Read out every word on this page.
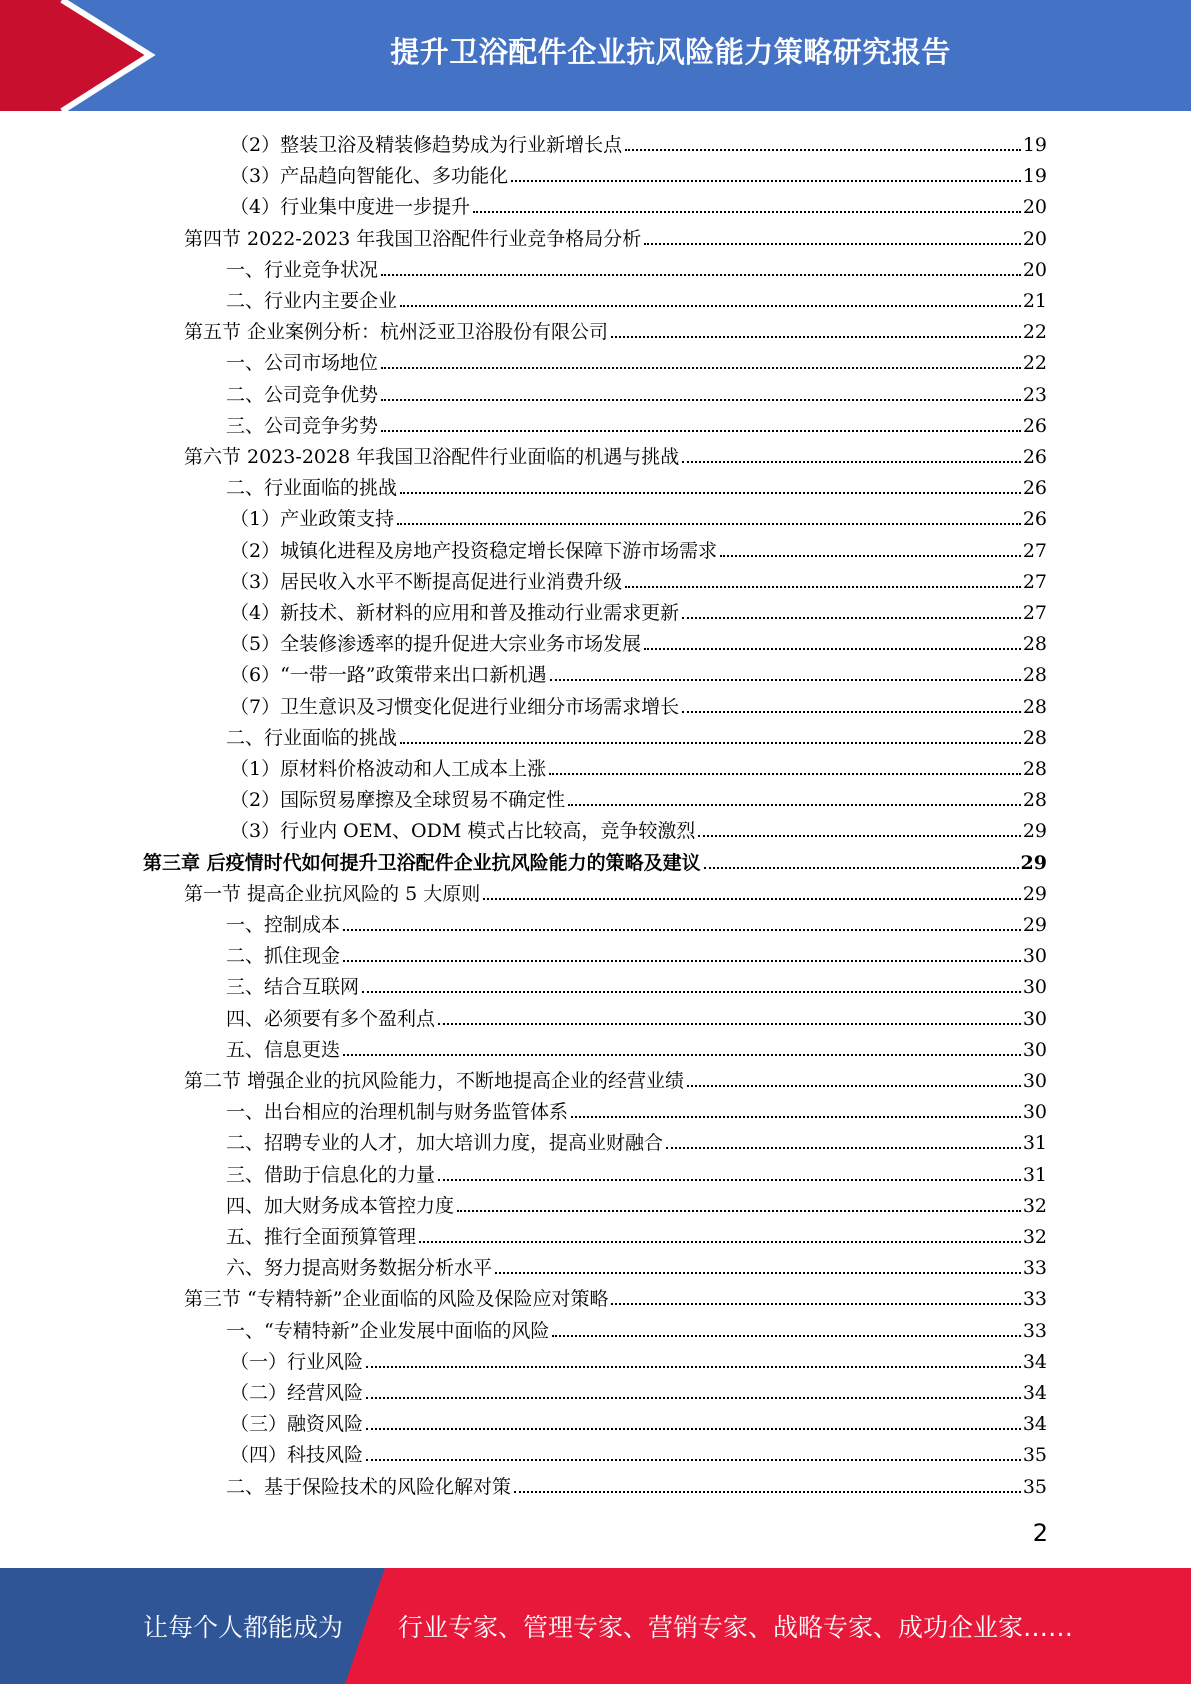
提升卫浴配件企业抗风险能力策略研究报告
（2）整装卫浴及精装修趋势成为行业新增长点	19
（3）产品趋向智能化、多功能化	19
（4）行业集中度进一步提升	20
第四节 2022-2023 年我国卫浴配件行业竞争格局分析	20
一、行业竞争状况	20
二、行业内主要企业	21
第五节 企业案例分析：杭州泛亚卫浴股份有限公司	22
一、公司市场地位	22
二、公司竞争优势	23
三、公司竞争劣势	26
第六节 2023-2028 年我国卫浴配件行业面临的机遇与挑战	26
二、行业面临的挑战	26
（1）产业政策支持	26
（2）城镇化进程及房地产投资稳定增长保障下游市场需求	27
（3）居民收入水平不断提高促进行业消费升级	27
（4）新技术、新材料的应用和普及推动行业需求更新	27
（5）全装修渗透率的提升促进大宗业务市场发展	28
（6）“一带一路”政策带来出口新机遇	28
（7）卫生意识及习惯变化促进行业细分市场需求增长	28
二、行业面临的挑战	28
（1）原材料价格波动和人工成本上涨	28
（2）国际贸易摩擦及全球贸易不确定性	28
（3）行业内 OEM、ODM 模式占比较高，竞争较激烈	29
第三章 后疫情时代如何提升卫浴配件企业抗风险能力的策略及建议	29
第一节 提高企业抗风险的 5 大原则	29
一、控制成本	29
二、抓住现金	30
三、结合互联网	30
四、必须要有多个盈利点	30
五、信息更迭	30
第二节 增强企业的抗风险能力，不断地提高企业的经营业绩	30
一、出台相应的治理机制与财务监管体系	30
二、招聘专业的人才，加大培训力度，提高业财融合	31
三、借助于信息化的力量	31
四、加大财务成本管控力度	32
五、推行全面预算管理	32
六、努力提高财务数据分析水平	33
第三节 “专精特新”企业面临的风险及保险应对策略	33
一、“专精特新”企业发展中面临的风险	33
（一）行业风险	34
（二）经营风险	34
（三）融资风险	34
（四）科技风险	35
二、基于保险技术的风险化解对策	35
2
让每个人都能成为 行业专家、管理专家、营销专家、战略专家、成功企业家……
